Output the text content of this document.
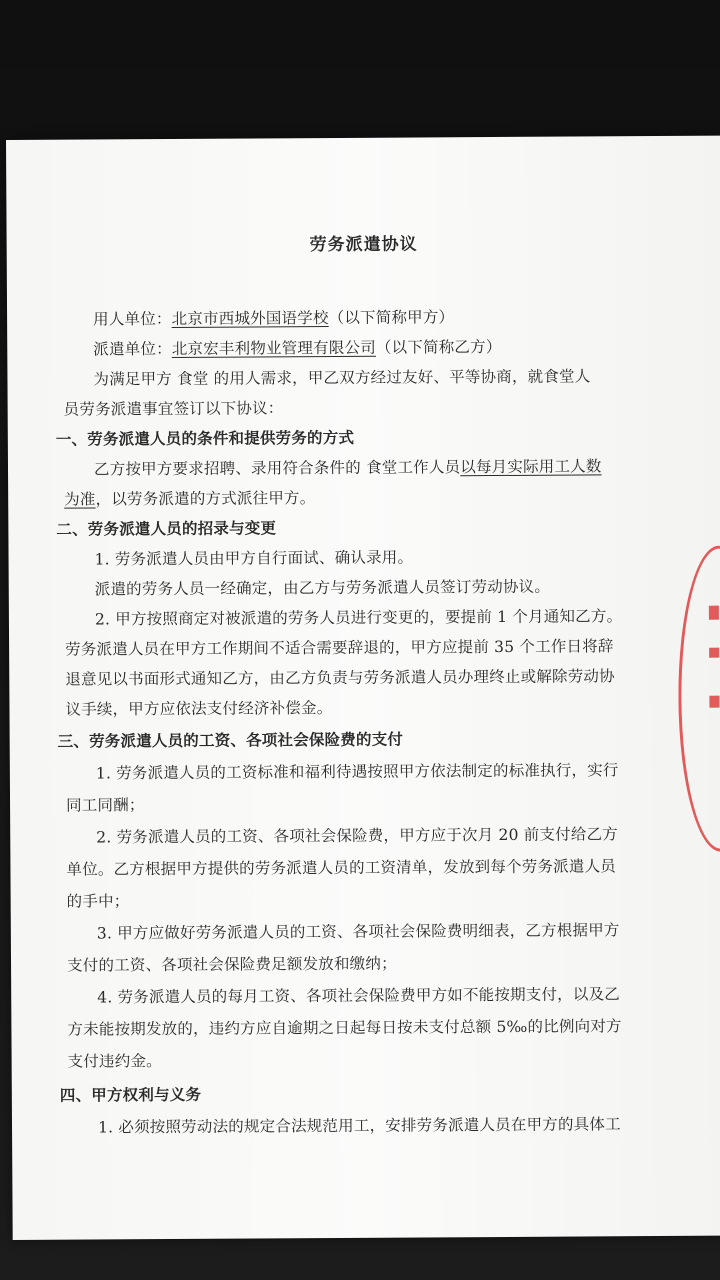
劳务派遣协议
用人单位：北京市西城外国语学校（以下简称甲方）
派遣单位：北京宏丰利物业管理有限公司（以下简称乙方）
为满足甲方 食堂 的用人需求，甲乙双方经过友好、平等协商，就食堂人
员劳务派遣事宜签订以下协议：
一、劳务派遣人员的条件和提供劳务的方式
乙方按甲方要求招聘、录用符合条件的 食堂工作人员以每月实际用工人数
为准，以劳务派遣的方式派往甲方。
二、劳务派遣人员的招录与变更
1. 劳务派遣人员由甲方自行面试、确认录用。
派遣的劳务人员一经确定，由乙方与劳务派遣人员签订劳动协议。
2. 甲方按照商定对被派遣的劳务人员进行变更的，要提前 1 个月通知乙方。
劳务派遣人员在甲方工作期间不适合需要辞退的，甲方应提前 35 个工作日将辞
退意见以书面形式通知乙方，由乙方负责与劳务派遣人员办理终止或解除劳动协
议手续，甲方应依法支付经济补偿金。
三、劳务派遣人员的工资、各项社会保险费的支付
1. 劳务派遣人员的工资标准和福利待遇按照甲方依法制定的标准执行，实行
同工同酬；
2. 劳务派遣人员的工资、各项社会保险费，甲方应于次月 20 前支付给乙方
单位。乙方根据甲方提供的劳务派遣人员的工资清单，发放到每个劳务派遣人员
的手中；
3. 甲方应做好劳务派遣人员的工资、各项社会保险费明细表，乙方根据甲方
支付的工资、各项社会保险费足额发放和缴纳；
4. 劳务派遣人员的每月工资、各项社会保险费甲方如不能按期支付，以及乙
方未能按期发放的，违约方应自逾期之日起每日按未支付总额 5‰的比例向对方
支付违约金。
四、甲方权利与义务
1. 必须按照劳动法的规定合法规范用工，安排劳务派遣人员在甲方的具体工
